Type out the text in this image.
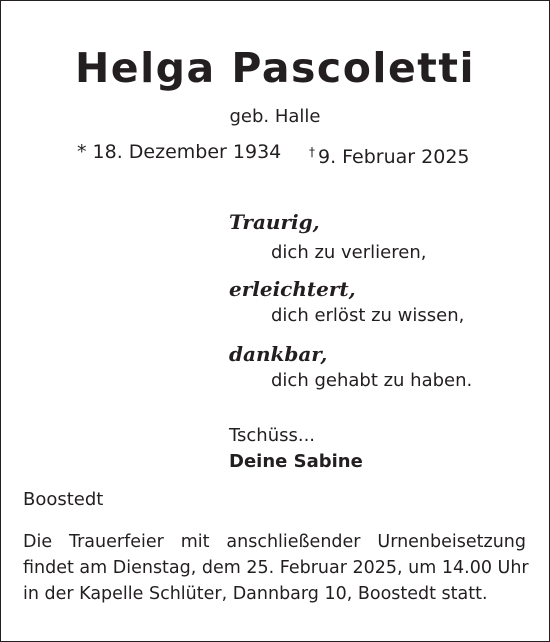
Helga Pascoletti
geb. Halle
* 18. Dezember 1934 † 9. Februar 2025
Traurig,
dich zu verlieren,
erleichtert,
dich erlöst zu wissen,
dankbar,
dich gehabt zu haben.
Tschüss...
Deine Sabine
Boostedt
Die Trauerfeier mit anschließender Urnenbeisetzung
findet am Dienstag, dem 25. Februar 2025, um 14.00 Uhr
in der Kapelle Schlüter, Dannbarg 10, Boostedt statt.
